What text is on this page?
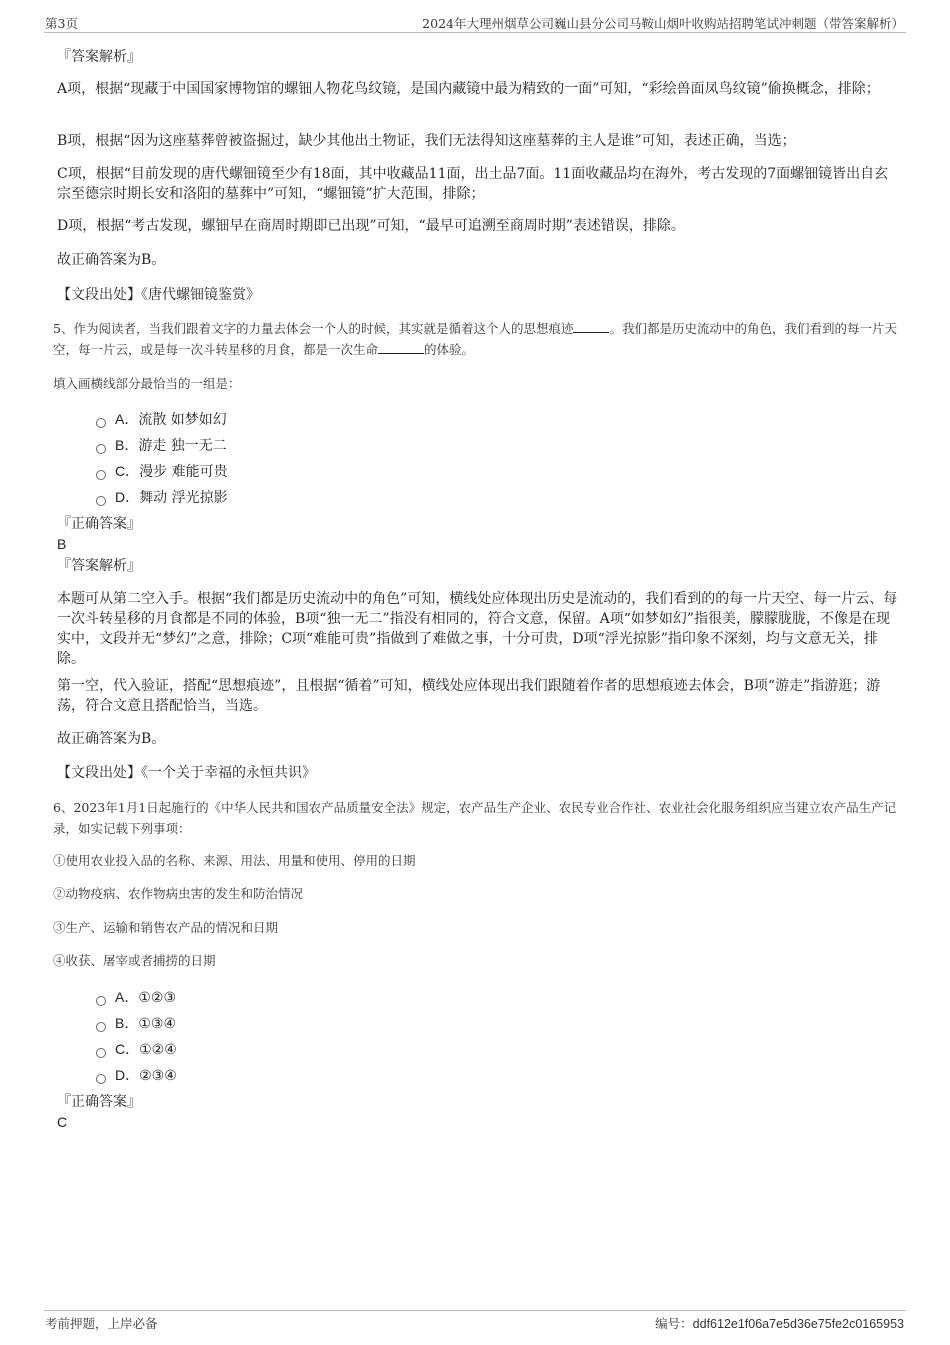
第3页	2024年大理州烟草公司巍山县分公司马鞍山烟叶收购站招聘笔试冲刺题（带答案解析）
『答案解析』
A项，根据“现藏于中国国家博物馆的螺钿人物花鸟纹镜，是国内藏镜中最为精致的一面”可知，“彩绘兽面凤鸟纹镜”偷换概念，排除；
B项，根据“因为这座墓葬曾被盗掘过，缺少其他出土物证，我们无法得知这座墓葬的主人是谁”可知，表述正确，当选；
C项，根据“目前发现的唐代螺钿镜至少有18面，其中收藏品11面，出土品7面。11面收藏品均在海外，考古发现的7面螺钿镜皆出自玄宗至德宗时期长安和洛阳的墓葬中”可知，“螺钿镜”扩大范围，排除；
D项，根据“考古发现，螺钿早在商周时期即已出现”可知，“最早可追溯至商周时期”表述错误，排除。
故正确答案为B。
【文段出处】《唐代螺钿镜鉴赏》
5、作为阅读者，当我们跟着文字的力量去体会一个人的时候，其实就是循着这个人的思想痕迹	。我们都是历史流动中的角色，我们看到的每一片天空，每一片云，或是每一次斗转星移的月食，都是一次生命	的体验。
填入画横线部分最恰当的一组是：
A．流散 如梦如幻
B．游走 独一无二
C．漫步 难能可贵
D．舞动 浮光掠影
『正确答案』
B
『答案解析』
本题可从第二空入手。根据“我们都是历史流动中的角色”可知，横线处应体现出历史是流动的，我们看到的的每一片天空、每一片云、每一次斗转星移的月食都是不同的体验，B项“独一无二”指没有相同的，符合文意，保留。A项“如梦如幻”指很美，朦朦胧胧，不像是在现实中，文段并无“梦幻”之意，排除；C项“难能可贵”指做到了难做之事，十分可贵，D项“浮光掠影”指印象不深刻，均与文意无关，排除。
第一空，代入验证，搭配“思想痕迹”，且根据“循着”可知，横线处应体现出我们跟随着作者的思想痕迹去体会，B项“游走”指游逛；游荡，符合文意且搭配恰当，当选。
故正确答案为B。
【文段出处】《一个关于幸福的永恒共识》
6、2023年1月1日起施行的《中华人民共和国农产品质量安全法》规定，农产品生产企业、农民专业合作社、农业社会化服务组织应当建立农产品生产记录，如实记载下列事项：
①使用农业投入品的名称、来源、用法、用量和使用、停用的日期
②动物疫病、农作物病虫害的发生和防治情况
③生产、运输和销售农产品的情况和日期
④收获、屠宰或者捕捞的日期
A．①②③
B．①③④
C．①②④
D．②③④
『正确答案』
C
考前押题，上岸必备	编号：ddf612e1f06a7e5d36e75fe2c0165953
